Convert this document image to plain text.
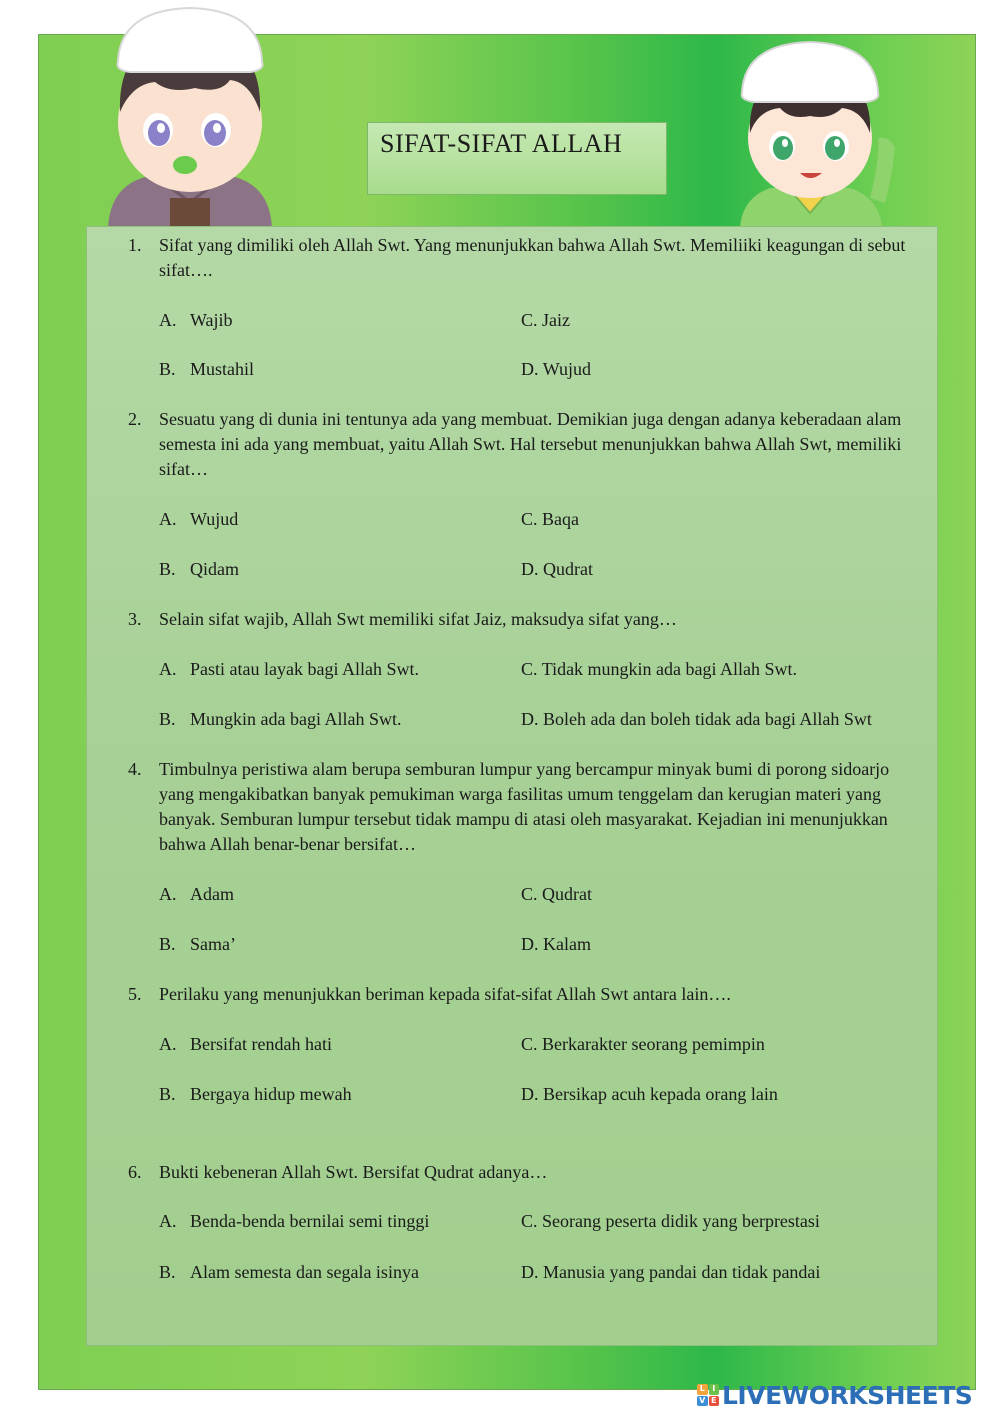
SIFAT-SIFAT ALLAH
1. Sifat yang dimiliki oleh Allah Swt. Yang menunjukkan bahwa Allah Swt. Memiliiki keagungan di sebut sifat….
A. Wajib	C. Jaiz
B. Mustahil	D. Wujud
2. Sesuatu yang di dunia ini tentunya ada yang membuat. Demikian juga dengan adanya keberadaan alam semesta ini ada yang membuat, yaitu Allah Swt. Hal tersebut menunjukkan bahwa Allah Swt, memiliki sifat…
A. Wujud	C. Baqa
B. Qidam	D. Qudrat
3. Selain sifat wajib, Allah Swt memiliki sifat Jaiz, maksudya sifat yang…
A. Pasti atau layak bagi Allah Swt.	C. Tidak mungkin ada bagi Allah Swt.
B. Mungkin ada bagi Allah Swt.	D. Boleh ada dan boleh tidak ada bagi Allah Swt
4. Timbulnya peristiwa alam berupa semburan lumpur yang bercampur minyak bumi di porong sidoarjo yang mengakibatkan banyak pemukiman warga fasilitas umum tenggelam dan kerugian materi yang banyak. Semburan lumpur tersebut tidak mampu di atasi oleh masyarakat. Kejadian ini menunjukkan bahwa Allah benar-benar bersifat…
A. Adam	C. Qudrat
B. Sama’	D. Kalam
5. Perilaku yang menunjukkan beriman kepada sifat-sifat Allah Swt antara lain….
A. Bersifat rendah hati	C. Berkarakter seorang pemimpin
B. Bergaya hidup mewah	D. Bersikap acuh kepada orang lain
6. Bukti kebeneran Allah Swt. Bersifat Qudrat adanya…
A. Benda-benda bernilai semi tinggi	C. Seorang peserta didik yang berprestasi
B. Alam semesta dan segala isinya	D. Manusia yang pandai dan tidak pandai
L I
V E LIVEWORKSHEETS
